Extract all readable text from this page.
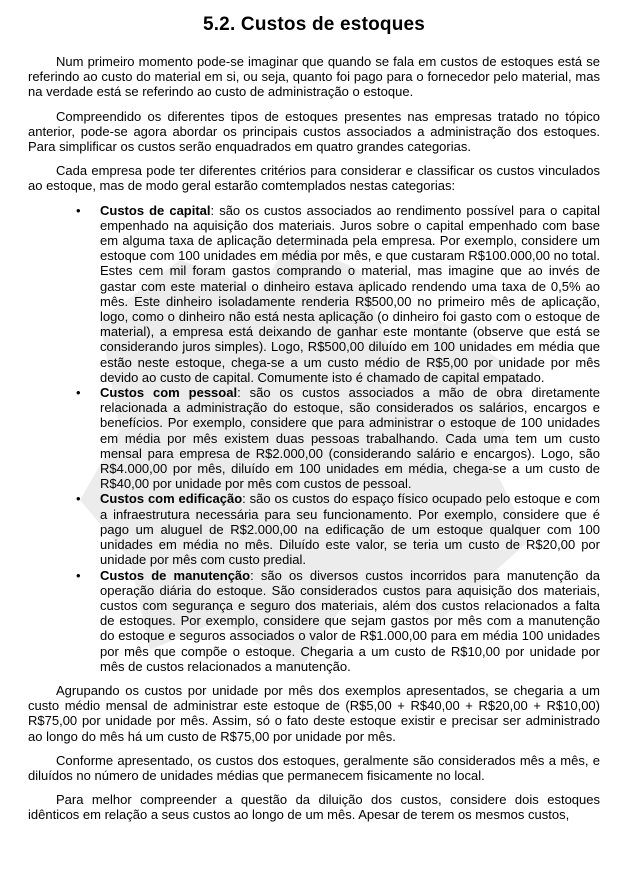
5.2. Custos de estoques

Num primeiro momento pode-se imaginar que quando se fala em custos de estoques está se referindo ao custo do material em si, ou seja, quanto foi pago para o fornecedor pelo material, mas na verdade está se referindo ao custo de administração o estoque.

Compreendido os diferentes tipos de estoques presentes nas empresas tratado no tópico anterior, pode-se agora abordar os principais custos associados a administração dos estoques. Para simplificar os custos serão enquadrados em quatro grandes categorias.

Cada empresa pode ter diferentes critérios para considerar e classificar os custos vinculados ao estoque, mas de modo geral estarão comtemplados nestas categorias:

• Custos de capital: são os custos associados ao rendimento possível para o capital empenhado na aquisição dos materiais. Juros sobre o capital empenhado com base em alguma taxa de aplicação determinada pela empresa. Por exemplo, considere um estoque com 100 unidades em média por mês, e que custaram R$100.000,00 no total. Estes cem mil foram gastos comprando o material, mas imagine que ao invés de gastar com este material o dinheiro estava aplicado rendendo uma taxa de 0,5% ao mês. Este dinheiro isoladamente renderia R$500,00 no primeiro mês de aplicação, logo, como o dinheiro não está nesta aplicação (o dinheiro foi gasto com o estoque de material), a empresa está deixando de ganhar este montante (observe que está se considerando juros simples). Logo, R$500,00 diluído em 100 unidades em média que estão neste estoque, chega-se a um custo médio de R$5,00 por unidade por mês devido ao custo de capital. Comumente isto é chamado de capital empatado.
• Custos com pessoal: são os custos associados a mão de obra diretamente relacionada a administração do estoque, são considerados os salários, encargos e benefícios. Por exemplo, considere que para administrar o estoque de 100 unidades em média por mês existem duas pessoas trabalhando. Cada uma tem um custo mensal para empresa de R$2.000,00 (considerando salário e encargos). Logo, são R$4.000,00 por mês, diluído em 100 unidades em média, chega-se a um custo de R$40,00 por unidade por mês com custos de pessoal.
• Custos com edificação: são os custos do espaço físico ocupado pelo estoque e com a infraestrutura necessária para seu funcionamento. Por exemplo, considere que é pago um aluguel de R$2.000,00 na edificação de um estoque qualquer com 100 unidades em média no mês. Diluído este valor, se teria um custo de R$20,00 por unidade por mês com custo predial.
• Custos de manutenção: são os diversos custos incorridos para manutenção da operação diária do estoque. São considerados custos para aquisição dos materiais, custos com segurança e seguro dos materiais, além dos custos relacionados a falta de estoques. Por exemplo, considere que sejam gastos por mês com a manutenção do estoque e seguros associados o valor de R$1.000,00 para em média 100 unidades por mês que compõe o estoque. Chegaria a um custo de R$10,00 por unidade por mês de custos relacionados a manutenção.

Agrupando os custos por unidade por mês dos exemplos apresentados, se chegaria a um custo médio mensal de administrar este estoque de (R$5,00 + R$40,00 + R$20,00 + R$10,00) R$75,00 por unidade por mês. Assim, só o fato deste estoque existir e precisar ser administrado ao longo do mês há um custo de R$75,00 por unidade por mês.

Conforme apresentado, os custos dos estoques, geralmente são considerados mês a mês, e diluídos no número de unidades médias que permanecem fisicamente no local.

Para melhor compreender a questão da diluição dos custos, considere dois estoques idênticos em relação a seus custos ao longo de um mês. Apesar de terem os mesmos custos,
